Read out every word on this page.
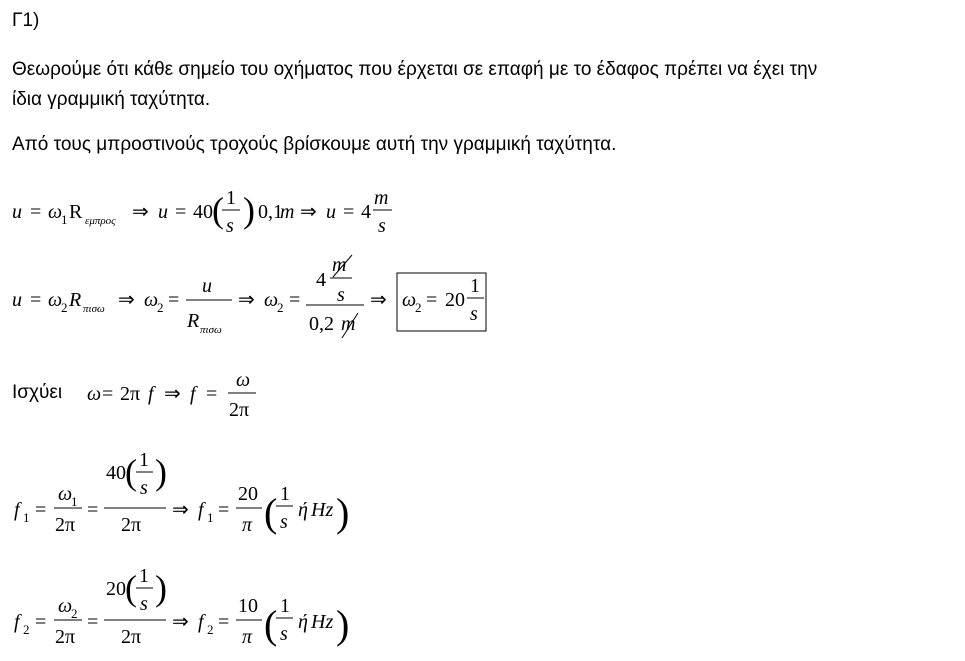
Γ1)
Θεωρούμε ότι κάθε σημείο του οχήματος που έρχεται σε επαφή με το έδαφος πρέπει να έχει την
ίδια γραμμική ταχύτητα.
Από τους μπροστινούς τροχούς βρίσκουμε αυτή την γραμμική ταχύτητα.
Ισχύει
u = ω
1 R εμπρος ⇒ u = 40 ( 1
s ) 0,1
m ⇒ u = 4
m
s
u = ω
2 R πισω ⇒ ω
2 =
u
R πισω
⇒ ω
2 =
4
m
s
0,2 m
⇒ ω
2 = 20
1
s
ω = 2π f ⇒ f =
ω
2π
f 1 =
ω
1
2π
=
40 ( 1
s )
2π
⇒ f 1 =
20
π ( 1
s
ή Hz )
f 2 =
ω
2
2π
=
20 ( 1
s )
2π
⇒ f 2 =
10
π ( 1
s
ή Hz )
